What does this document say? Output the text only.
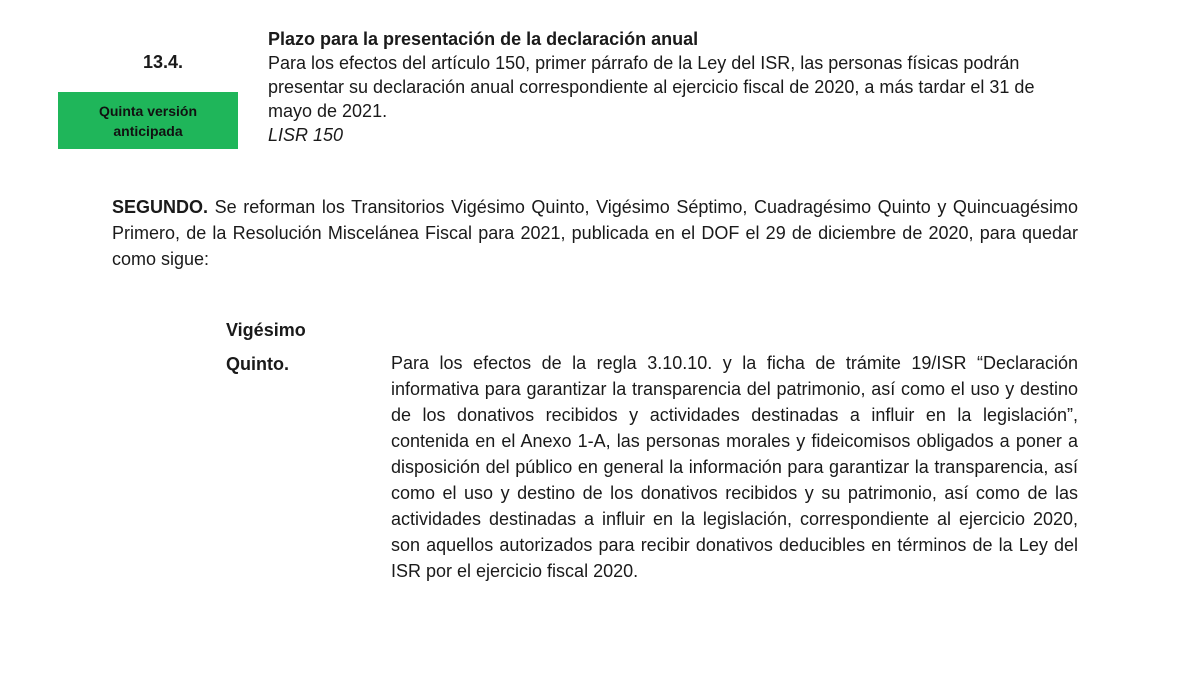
13.4.
Quinta versión
anticipada
Plazo para la presentación de la declaración anual
Para los efectos del artículo 150, primer párrafo de la Ley del ISR, las personas físicas podrán presentar su declaración anual correspondiente al ejercicio fiscal de 2020, a más tardar el 31 de mayo de 2021.
LISR 150
SEGUNDO. Se reforman los Transitorios Vigésimo Quinto, Vigésimo Séptimo, Cuadragésimo Quinto y Quincuagésimo Primero, de la Resolución Miscelánea Fiscal para 2021, publicada en el DOF el 29 de diciembre de 2020, para quedar como sigue:
Vigésimo
Quinto.	Para los efectos de la regla 3.10.10. y la ficha de trámite 19/ISR “Declaración informativa para garantizar la transparencia del patrimonio, así como el uso y destino de los donativos recibidos y actividades destinadas a influir en la legislación”, contenida en el Anexo 1-A, las personas morales y fideicomisos obligados a poner a disposición del público en general la información para garantizar la transparencia, así como el uso y destino de los donativos recibidos y su patrimonio, así como de las actividades destinadas a influir en la legislación, correspondiente al ejercicio 2020, son aquellos autorizados para recibir donativos deducibles en términos de la Ley del ISR por el ejercicio fiscal 2020.
